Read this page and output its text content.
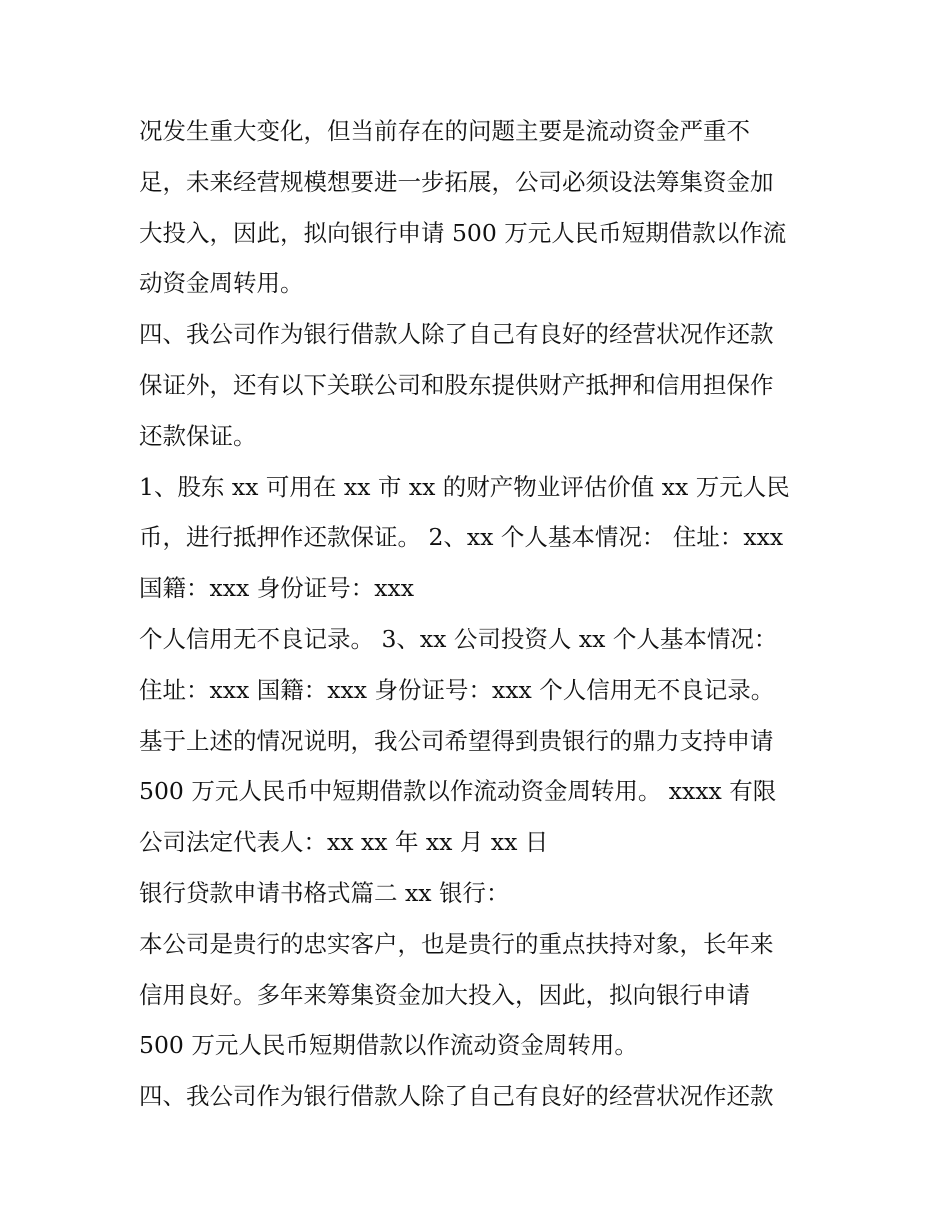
况发生重大变化，但当前存在的问题主要是流动资金严重不
足，未来经营规模想要进一步拓展，公司必须设法筹集资金加
大投入，因此，拟向银行申请 500 万元人民币短期借款以作流
动资金周转用。
四、我公司作为银行借款人除了自己有良好的经营状况作还款
保证外，还有以下关联公司和股东提供财产抵押和信用担保作
还款保证。
1、股东 xx 可用在 xx 市 xx 的财产物业评估价值 xx 万元人民
币，进行抵押作还款保证。 2、xx 个人基本情况： 住址：xxx
国籍：xxx 身份证号：xxx
个人信用无不良记录。 3、xx 公司投资人 xx 个人基本情况：
住址：xxx 国籍：xxx 身份证号：xxx 个人信用无不良记录。
基于上述的情况说明，我公司希望得到贵银行的鼎力支持申请
500 万元人民币中短期借款以作流动资金周转用。 xxxx 有限
公司法定代表人：xx xx 年 xx 月 xx 日
银行贷款申请书格式篇二 xx 银行：
本公司是贵行的忠实客户，也是贵行的重点扶持对象，长年来
信用良好。多年来筹集资金加大投入，因此，拟向银行申请
500 万元人民币短期借款以作流动资金周转用。
四、我公司作为银行借款人除了自己有良好的经营状况作还款
